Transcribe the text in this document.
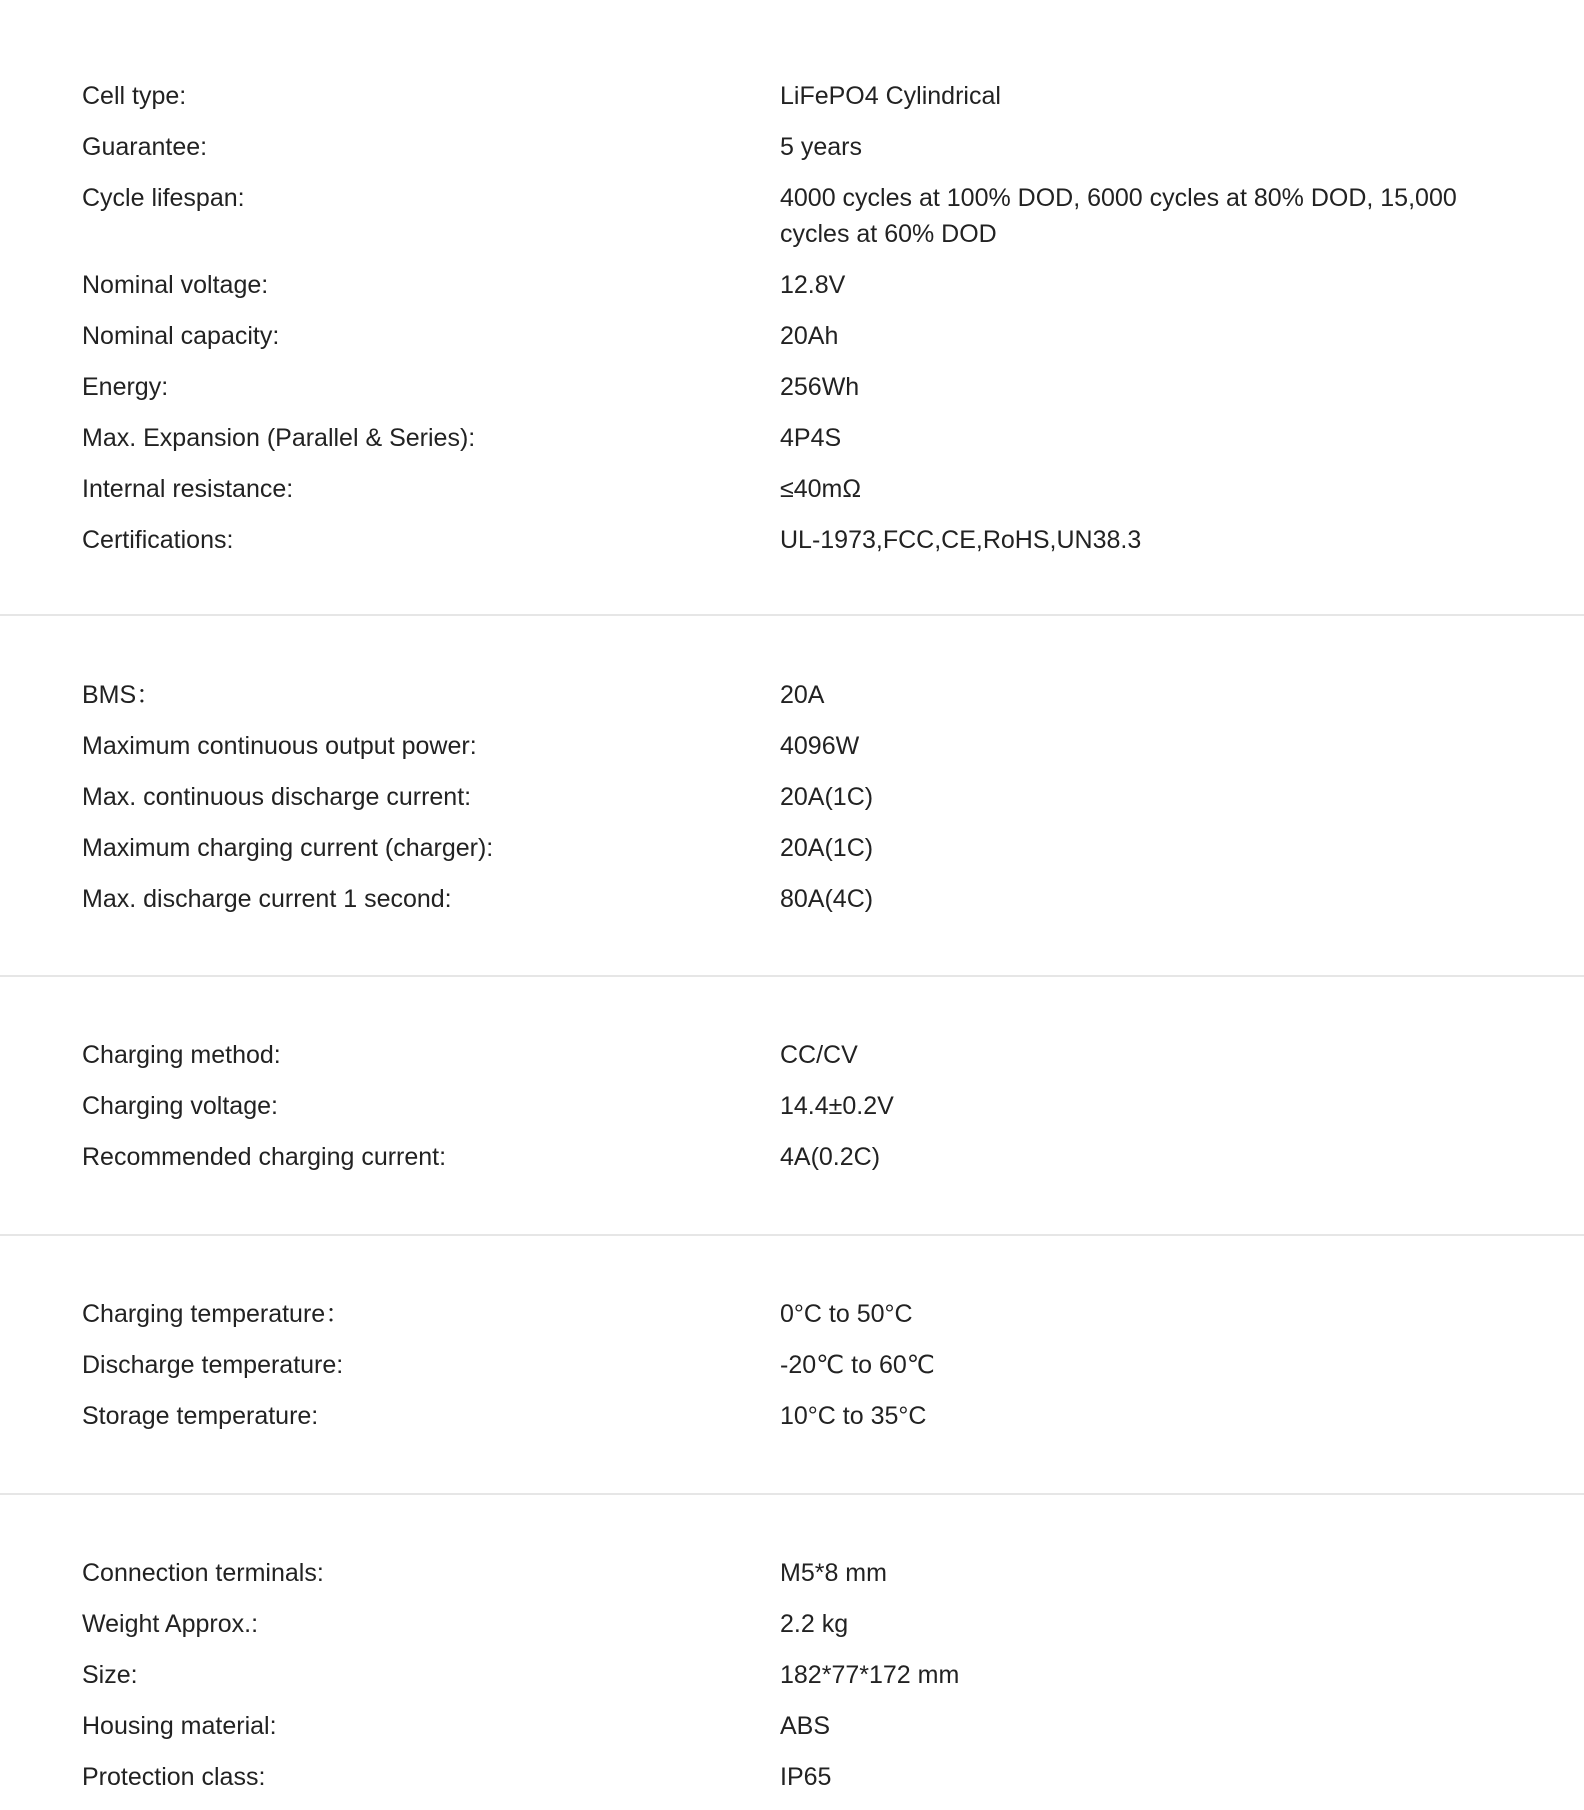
Cell type:	LiFePO4 Cylindrical
Guarantee:	5 years
Cycle lifespan:	4000 cycles at 100% DOD, 6000 cycles at 80% DOD, 15,000 cycles at 60% DOD
Nominal voltage:	12.8V
Nominal capacity:	20Ah
Energy:	256Wh
Max. Expansion (Parallel & Series):	4P4S
Internal resistance:	≤40mΩ
Certifications:	UL-1973,FCC,CE,RoHS,UN38.3
BMS：	20A
Maximum continuous output power:	4096W
Max. continuous discharge current:	20A(1C)
Maximum charging current (charger):	20A(1C)
Max. discharge current 1 second:	80A(4C)
Charging method:	CC/CV
Charging voltage:	14.4±0.2V
Recommended charging current:	4A(0.2C)
Charging temperature：	0°C to 50°C
Discharge temperature:	-20℃ to 60℃
Storage temperature:	10°C to 35°C
Connection terminals:	M5*8 mm
Weight Approx.:	2.2 kg
Size:	182*77*172 mm
Housing material:	ABS
Protection class:	IP65
